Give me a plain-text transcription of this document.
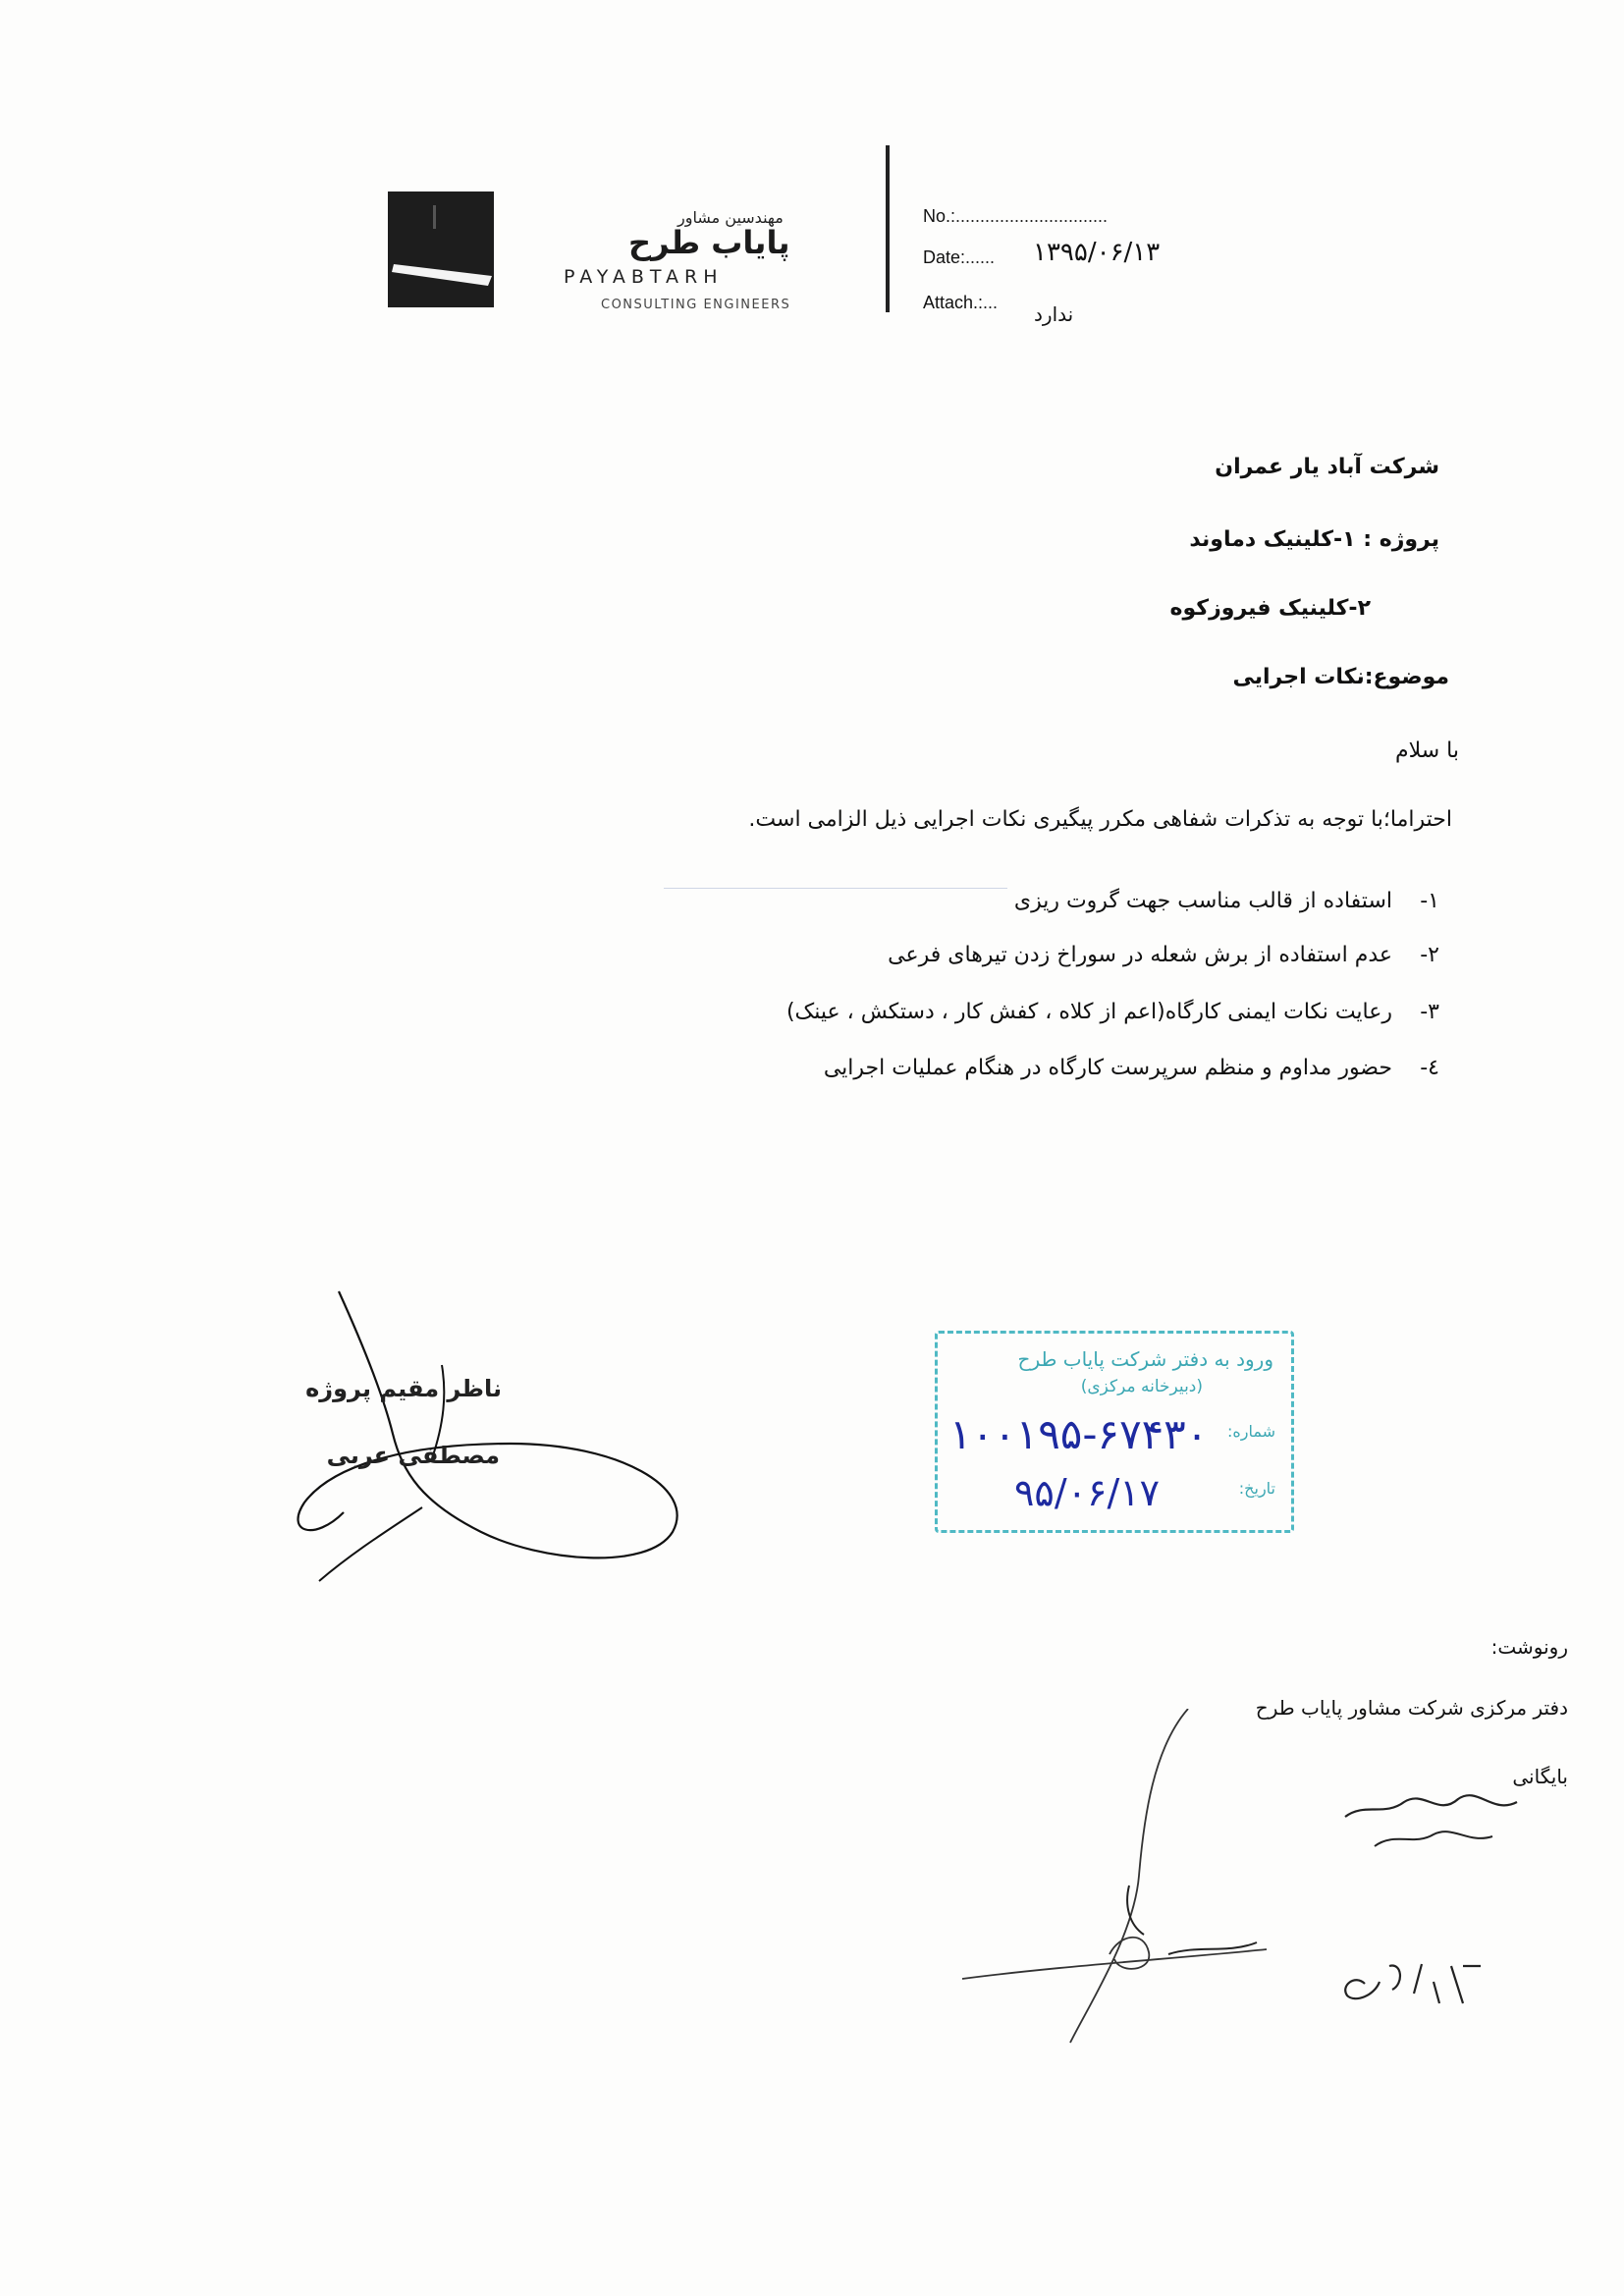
مهندسین مشاور
پایاب طرح
PAYABTARH
CONSULTING ENGINEERS
No.:...............................
Date:...... ۱۳۹۵/۰۶/۱۳
Attach.:... ندارد
شرکت آباد یار عمران
پروژه : ۱-کلینیک دماوند
۲-کلینیک فیروزکوه
موضوع:نکات اجرایی
با سلام
احتراما؛با توجه به تذکرات شفاهی مکرر پیگیری نکات اجرایی ذیل الزامی است.
۱-استفاده از قالب مناسب جهت گروت ریزی
۲-عدم استفاده از برش شعله در سوراخ زدن تیرهای فرعی
۳-رعایت نکات ایمنی کارگاه(اعم از کلاه ، کفش کار ، دستکش ، عینک)
٤-حضور مداوم و منظم سرپرست کارگاه در هنگام عملیات اجرایی
ناظر مقیم پروژه
مصطفی عربی
ورود به دفتر شرکت پایاب طرح
(دبیرخانه مرکزی)
شماره:
تاریخ:
۱۰۰۱۹۵-۶۷۴۳۰
۹۵/۰۶/۱۷
رونوشت:
دفتر مرکزی شرکت مشاور پایاب طرح
بایگانی
